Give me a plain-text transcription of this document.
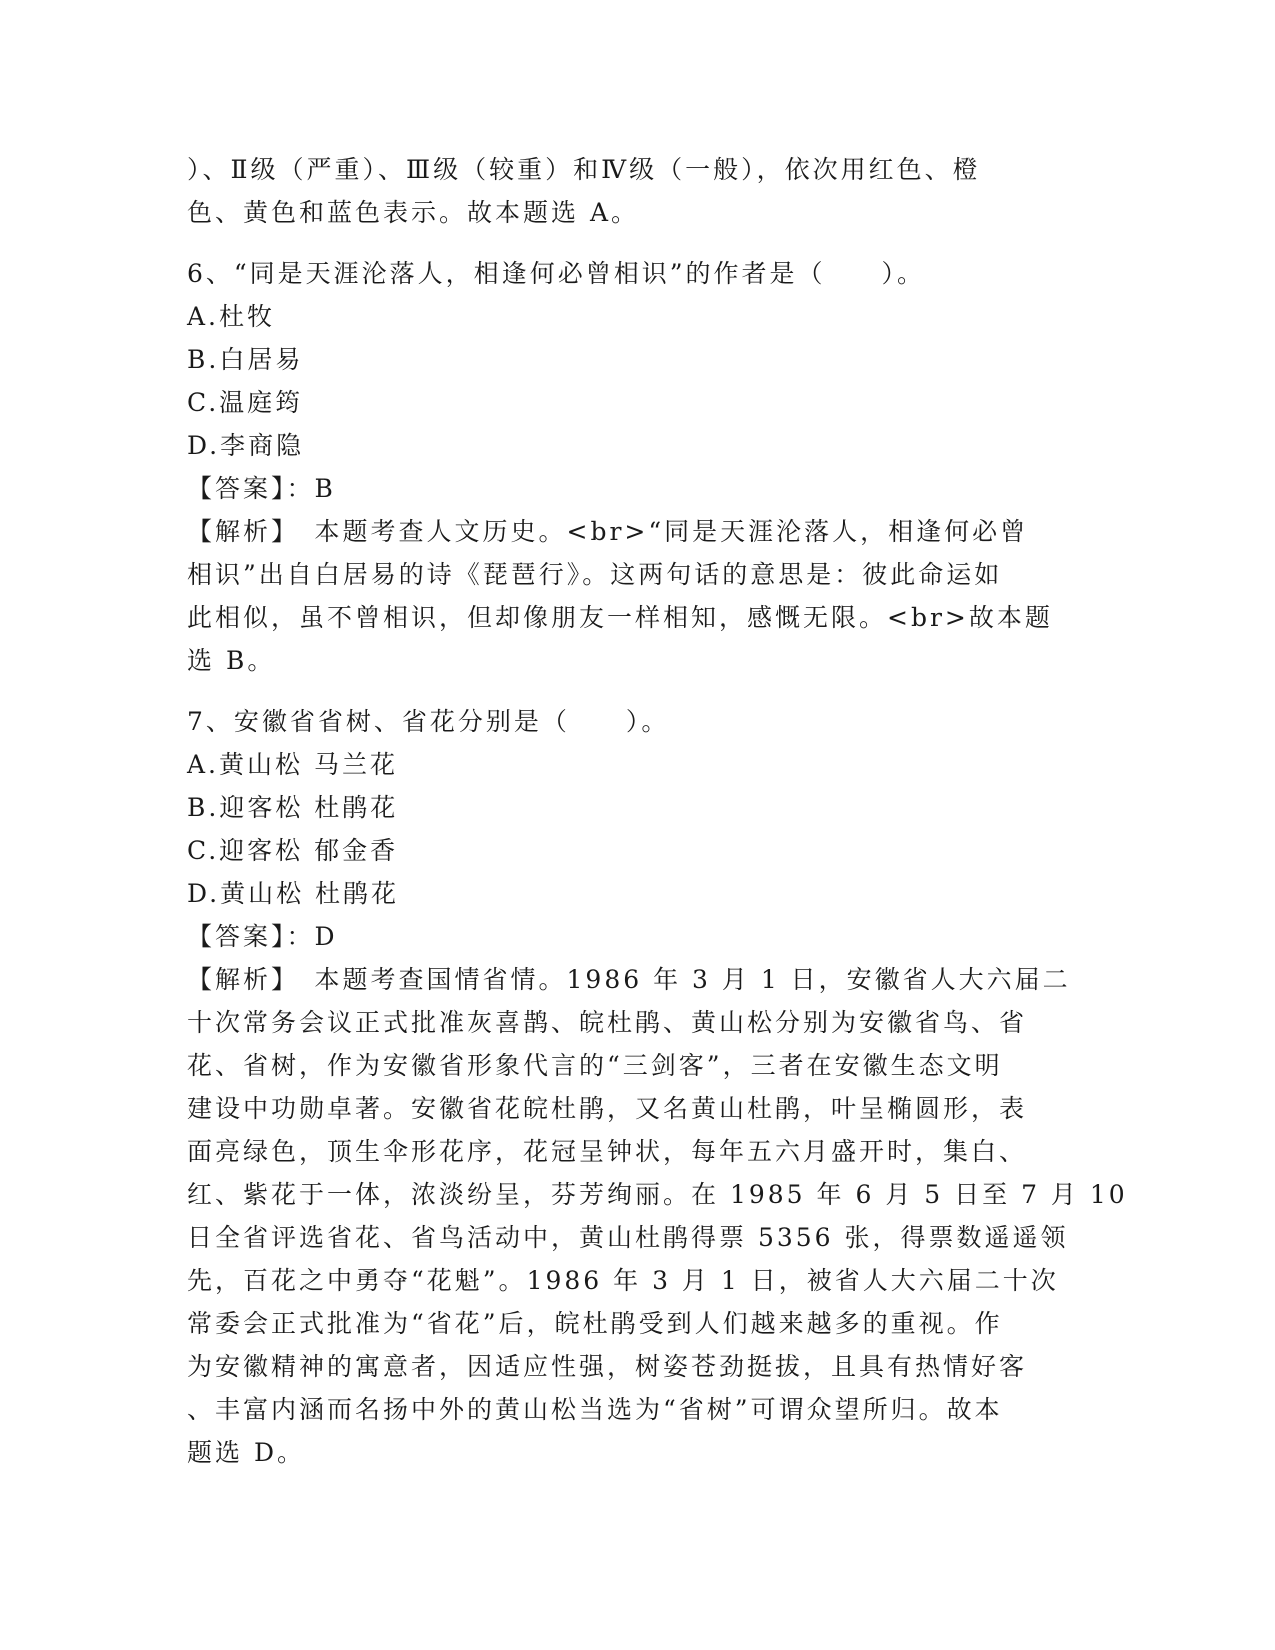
）、Ⅱ级（严重）、Ⅲ级（较重）和Ⅳ级（一般），依次用红色、橙
色、黄色和蓝色表示。故本题选 A。
6、“同是天涯沦落人，相逢何必曾相识”的作者是（　　）。
A.杜牧
B.白居易
C.温庭筠
D.李商隐
【答案】：B
【解析】　本题考查人文历史。<br>“同是天涯沦落人，相逢何必曾
相识”出自白居易的诗《琵琶行》。这两句话的意思是：彼此命运如
此相似，虽不曾相识，但却像朋友一样相知，感慨无限。<br>故本题
选 B。
7、安徽省省树、省花分别是（　　）。
A.黄山松 马兰花
B.迎客松 杜鹃花
C.迎客松 郁金香
D.黄山松 杜鹃花
【答案】：D
【解析】　本题考查国情省情。1986 年 3 月 1 日，安徽省人大六届二
十次常务会议正式批准灰喜鹊、皖杜鹃、黄山松分别为安徽省鸟、省
花、省树，作为安徽省形象代言的“三剑客”，三者在安徽生态文明
建设中功勋卓著。安徽省花皖杜鹃，又名黄山杜鹃，叶呈椭圆形，表
面亮绿色，顶生伞形花序，花冠呈钟状，每年五六月盛开时，集白、
红、紫花于一体，浓淡纷呈，芬芳绚丽。在 1985 年 6 月 5 日至 7 月 10
日全省评选省花、省鸟活动中，黄山杜鹃得票 5356 张，得票数遥遥领
先，百花之中勇夺“花魁”。1986 年 3 月 1 日，被省人大六届二十次
常委会正式批准为“省花”后，皖杜鹃受到人们越来越多的重视。作
为安徽精神的寓意者，因适应性强，树姿苍劲挺拔，且具有热情好客
、丰富内涵而名扬中外的黄山松当选为“省树”可谓众望所归。故本
题选 D。
